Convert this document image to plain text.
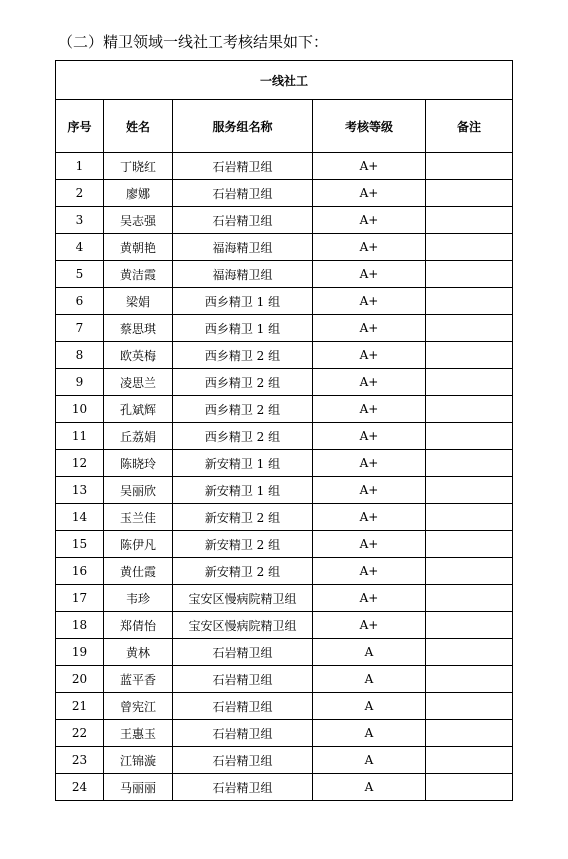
（二）精卫领域一线社工考核结果如下：
一线社工				
序号	姓名	服务组名称	考核等级	备注
1	丁晓红	石岩精卫组	A+	
2	廖娜	石岩精卫组	A+	
3	吴志强	石岩精卫组	A+	
4	黄朝艳	福海精卫组	A+	
5	黄洁霞	福海精卫组	A+	
6	梁娟	西乡精卫 1 组	A+	
7	蔡思琪	西乡精卫 1 组	A+	
8	欧英梅	西乡精卫 2 组	A+	
9	凌思兰	西乡精卫 2 组	A+	
10	孔斌辉	西乡精卫 2 组	A+	
11	丘荔娟	西乡精卫 2 组	A+	
12	陈晓玲	新安精卫 1 组	A+	
13	吴丽欣	新安精卫 1 组	A+	
14	玉兰佳	新安精卫 2 组	A+	
15	陈伊凡	新安精卫 2 组	A+	
16	黄仕霞	新安精卫 2 组	A+	
17	韦珍	宝安区慢病院精卫组	A+	
18	郑倩怡	宝安区慢病院精卫组	A+	
19	黄林	石岩精卫组	A	
20	蓝平香	石岩精卫组	A	
21	曾宪江	石岩精卫组	A	
22	王惠玉	石岩精卫组	A	
23	江锦漩	石岩精卫组	A	
24	马丽丽	石岩精卫组	A	
